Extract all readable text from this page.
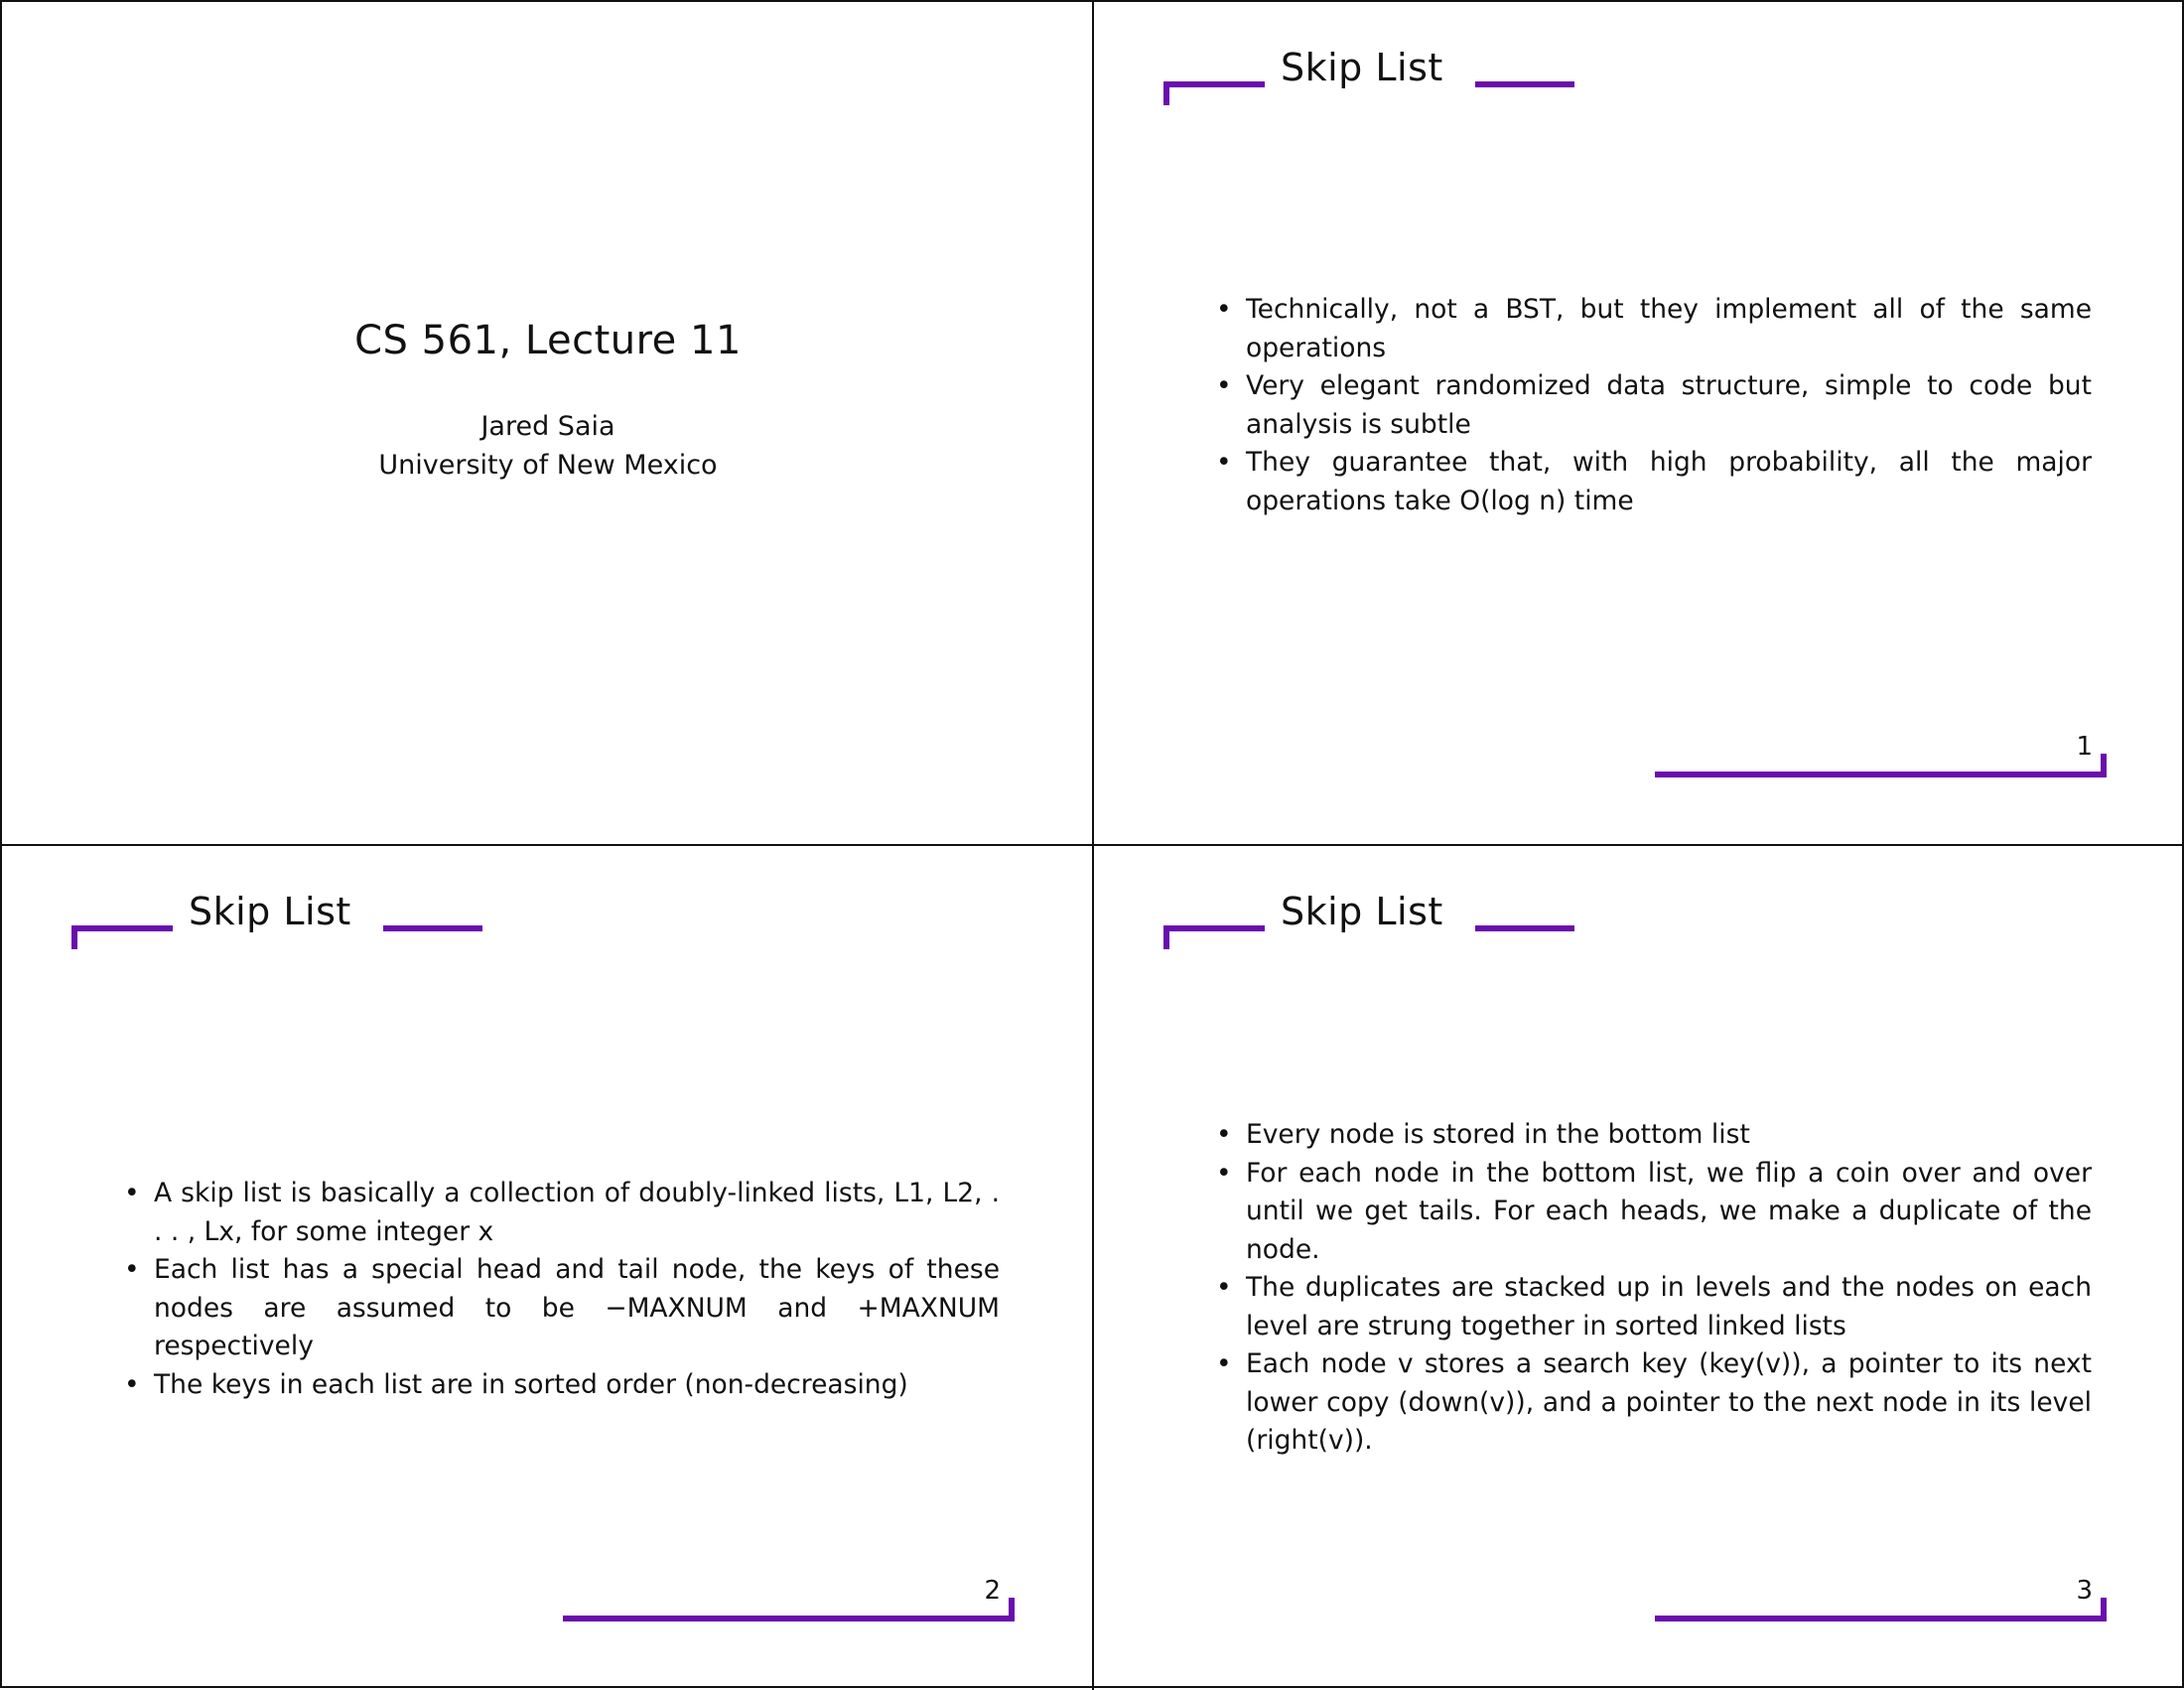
CS 561, Lecture 11
Jared Saia
University of New Mexico
Skip List
• Technically, not a BST, but they implement all of the same operations
• Very elegant randomized data structure, simple to code but analysis is subtle
• They guarantee that, with high probability, all the major operations take O(log n) time
1
Skip List
• A skip list is basically a collection of doubly-linked lists, L1, L2, . . . , Lx, for some integer x
• Each list has a special head and tail node, the keys of these nodes are assumed to be −MAXNUM and +MAXNUM respectively
• The keys in each list are in sorted order (non-decreasing)
2
Skip List
• Every node is stored in the bottom list
• For each node in the bottom list, we flip a coin over and over until we get tails. For each heads, we make a duplicate of the node.
• The duplicates are stacked up in levels and the nodes on each level are strung together in sorted linked lists
• Each node v stores a search key (key(v)), a pointer to its next lower copy (down(v)), and a pointer to the next node in its level (right(v)).
3
